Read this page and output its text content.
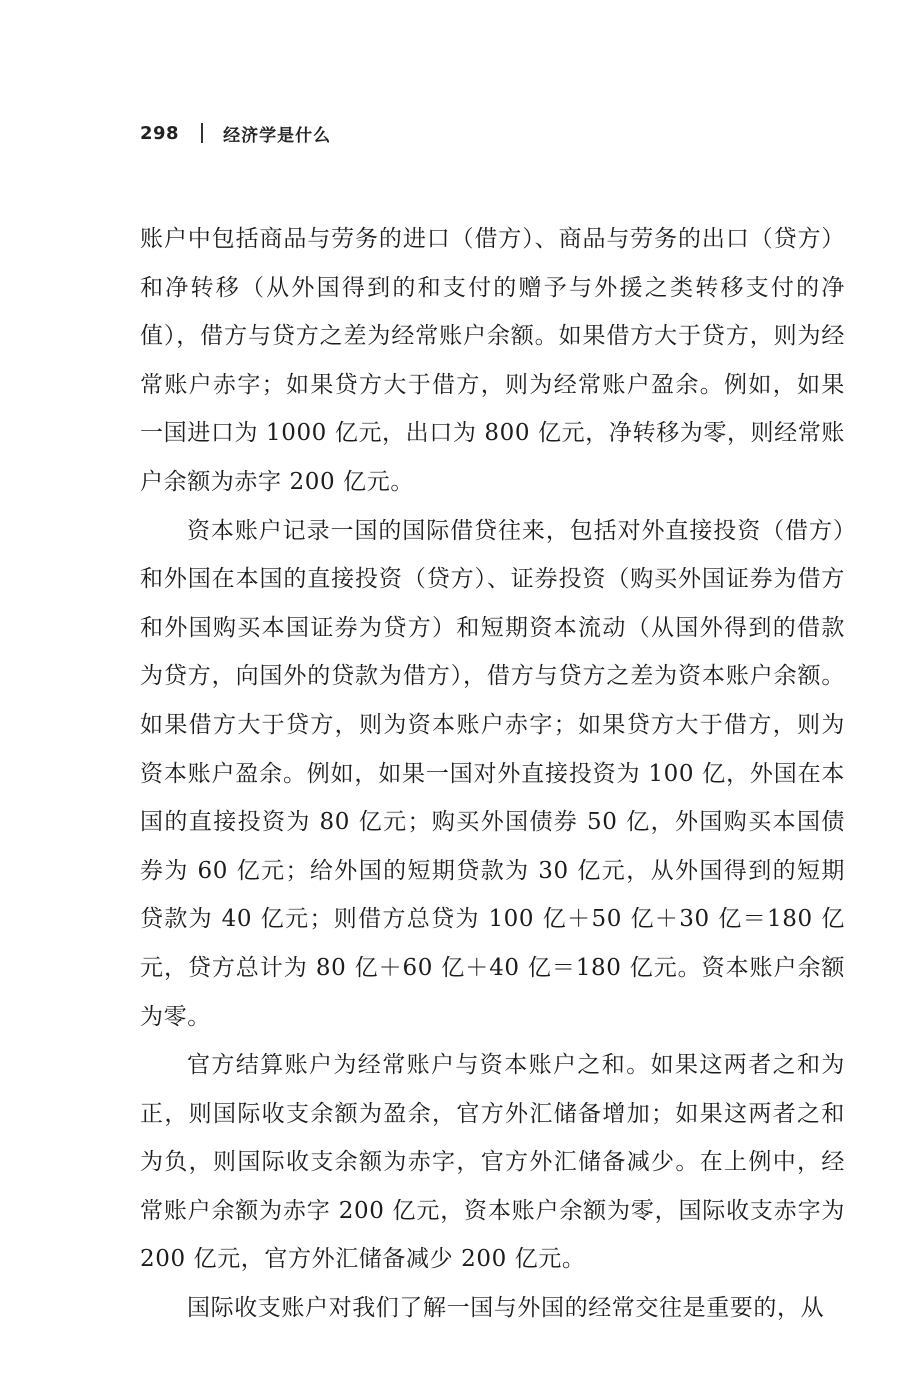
298	经济学是什么

账户中包括商品与劳务的进口（借方）、商品与劳务的出口（贷方）和净转移（从外国得到的和支付的赠予与外援之类转移支付的净值），借方与贷方之差为经常账户余额。如果借方大于贷方，则为经常账户赤字；如果贷方大于借方，则为经常账户盈余。例如，如果一国进口为 1000 亿元，出口为 800 亿元，净转移为零，则经常账户余额为赤字 200 亿元。

资本账户记录一国的国际借贷往来，包括对外直接投资（借方）和外国在本国的直接投资（贷方）、证券投资（购买外国证券为借方和外国购买本国证券为贷方）和短期资本流动（从国外得到的借款为贷方，向国外的贷款为借方），借方与贷方之差为资本账户余额。如果借方大于贷方，则为资本账户赤字；如果贷方大于借方，则为资本账户盈余。例如，如果一国对外直接投资为 100 亿，外国在本国的直接投资为 80 亿元；购买外国债券 50 亿，外国购买本国债券为 60 亿元；给外国的短期贷款为 30 亿元，从外国得到的短期贷款为 40 亿元；则借方总贷为 100 亿＋50 亿＋30 亿＝180 亿元，贷方总计为 80 亿＋60 亿＋40 亿＝180 亿元。资本账户余额为零。

官方结算账户为经常账户与资本账户之和。如果这两者之和为正，则国际收支余额为盈余，官方外汇储备增加；如果这两者之和为负，则国际收支余额为赤字，官方外汇储备减少。在上例中，经常账户余额为赤字 200 亿元，资本账户余额为零，国际收支赤字为 200 亿元，官方外汇储备减少 200 亿元。

国际收支账户对我们了解一国与外国的经常交往是重要的，从
